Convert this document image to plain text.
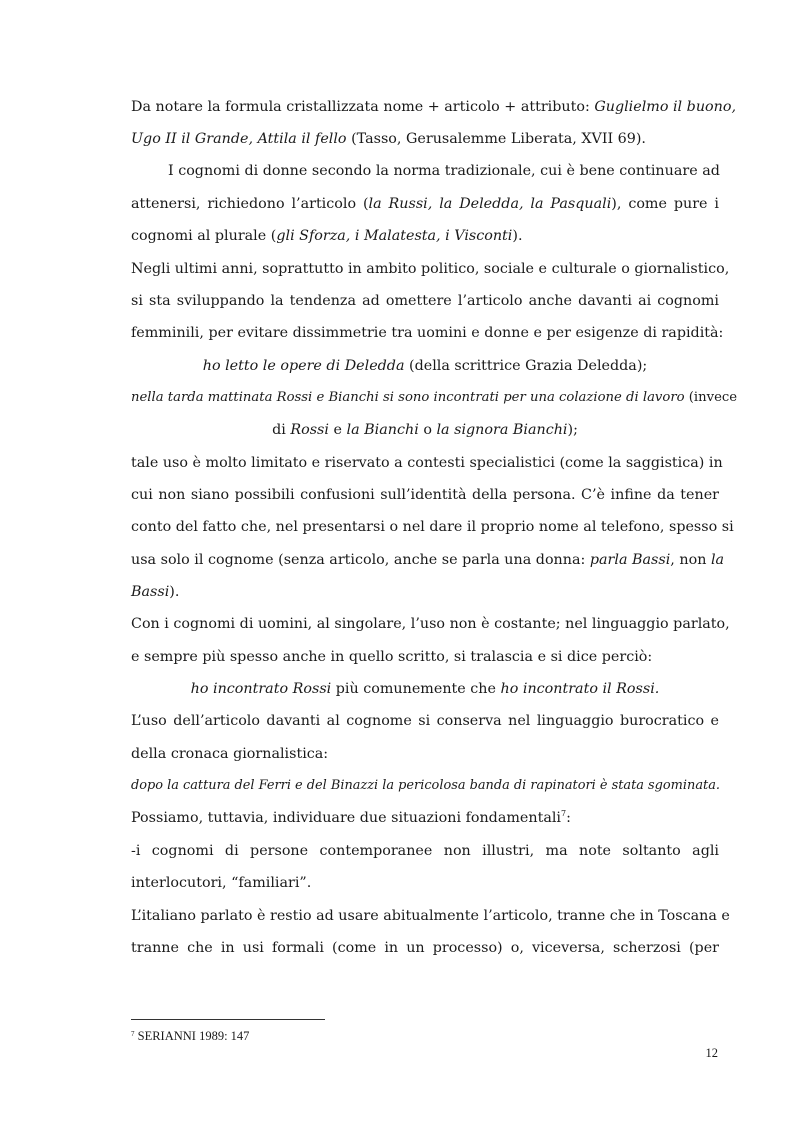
Da notare la formula cristallizzata nome + articolo + attributo: Guglielmo il buono,
Ugo II il Grande, Attila il fello (Tasso, Gerusalemme Liberata, XVII 69).
I cognomi di donne secondo la norma tradizionale, cui è bene continuare ad
attenersi, richiedono l’articolo (la Russi, la Deledda, la Pasquali), come pure i
cognomi al plurale (gli Sforza, i Malatesta, i Visconti).
Negli ultimi anni, soprattutto in ambito politico, sociale e culturale o giornalistico,
si sta sviluppando la tendenza ad omettere l’articolo anche davanti ai cognomi
femminili, per evitare dissimmetrie tra uomini e donne e per esigenze di rapidità:
ho letto le opere di Deledda (della scrittrice Grazia Deledda);
nella tarda mattinata Rossi e Bianchi si sono incontrati per una colazione di lavoro (invece
di Rossi e la Bianchi o la signora Bianchi);
tale uso è molto limitato e riservato a contesti specialistici (come la saggistica) in
cui non siano possibili confusioni sull’identità della persona. C’è infine da tener
conto del fatto che, nel presentarsi o nel dare il proprio nome al telefono, spesso si
usa solo il cognome (senza articolo, anche se parla una donna: parla Bassi, non la
Bassi).
Con i cognomi di uomini, al singolare, l’uso non è costante; nel linguaggio parlato,
e sempre più spesso anche in quello scritto, si tralascia e si dice perciò:
ho incontrato Rossi più comunemente che ho incontrato il Rossi.
L’uso dell’articolo davanti al cognome si conserva nel linguaggio burocratico e
della cronaca giornalistica:
dopo la cattura del Ferri e del Binazzi la pericolosa banda di rapinatori è stata sgominata.
Possiamo, tuttavia, individuare due situazioni fondamentali$^7$:
-i cognomi di persone contemporanee non illustri, ma note soltanto agli
interlocutori, “familiari”.
L’italiano parlato è restio ad usare abitualmente l’articolo, tranne che in Toscana e
tranne che in usi formali (come in un processo) o, viceversa, scherzosi (per
$^7$ SERIANNI 1989: 147
12
